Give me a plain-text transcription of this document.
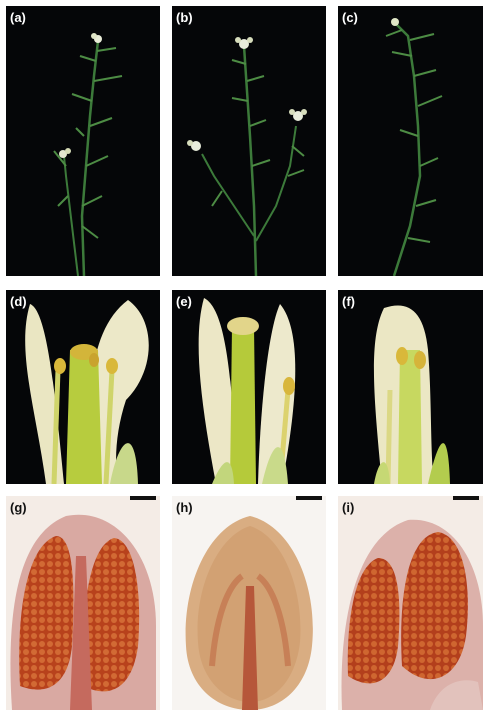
(a)	(b)	(c)
(d)	(e)	(f)
(g)	(h)	(i)
